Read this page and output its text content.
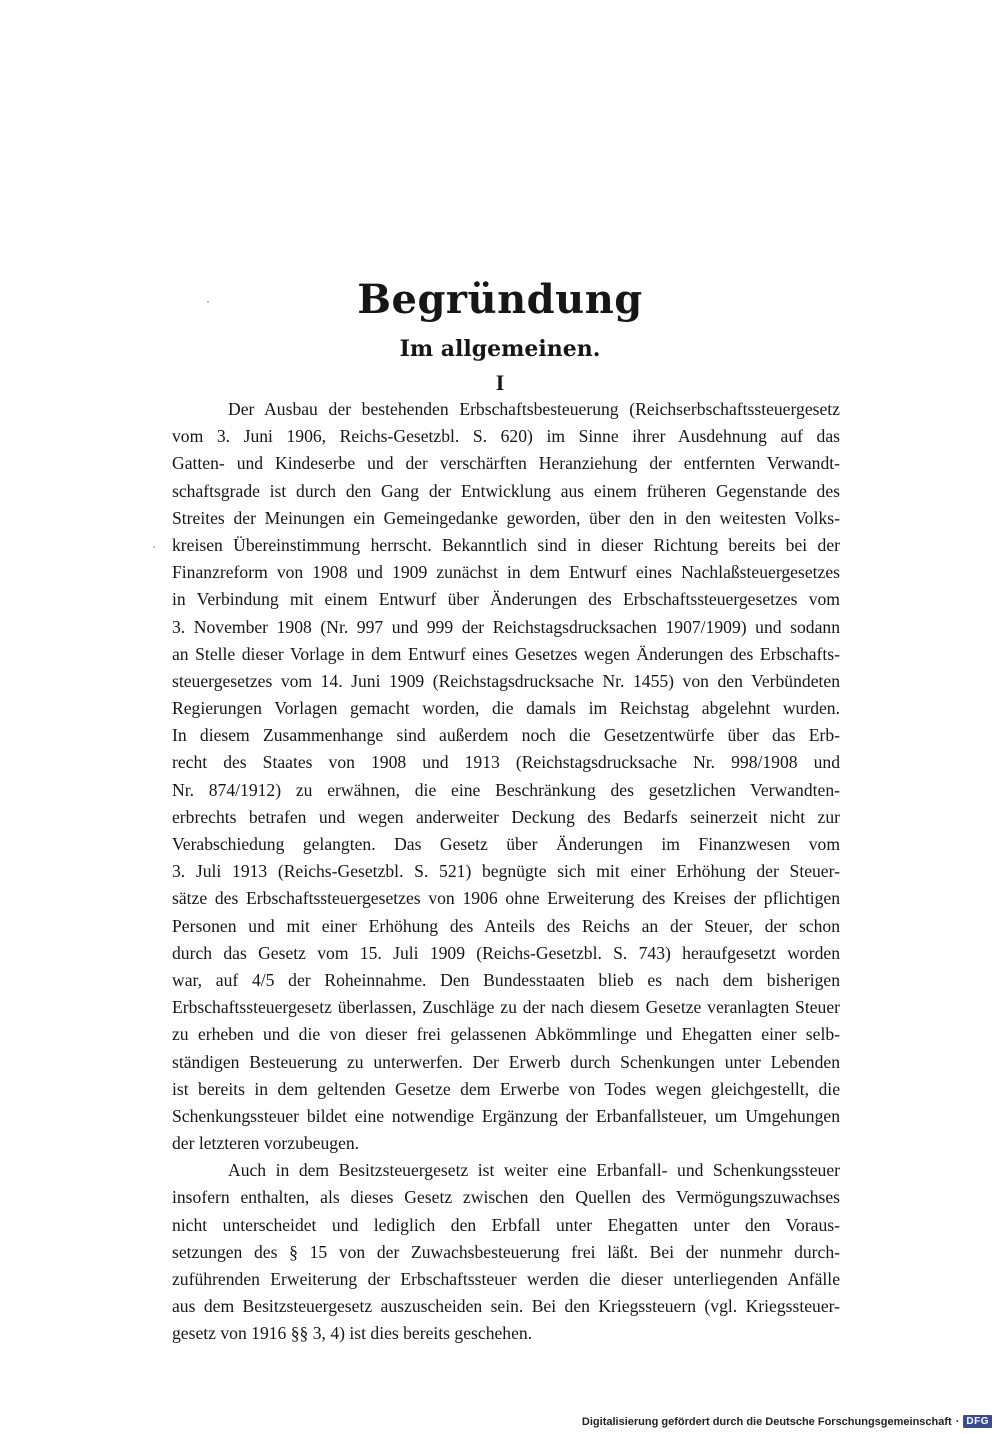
·
ˈ
Begründung
Im allgemeinen.
I
Der Ausbau der bestehenden Erbschaftsbesteuerung (Reichserbschaftssteuergesetz
vom 3. Juni 1906, Reichs-Gesetzbl. S. 620) im Sinne ihrer Ausdehnung auf das
Gatten- und Kindeserbe und der verschärften Heranziehung der entfernten Verwandt-
schaftsgrade ist durch den Gang der Entwicklung aus einem früheren Gegenstande des
Streites der Meinungen ein Gemeingedanke geworden, über den in den weitesten Volks-
kreisen Übereinstimmung herrscht. Bekanntlich sind in dieser Richtung bereits bei der
Finanzreform von 1908 und 1909 zunächst in dem Entwurf eines Nachlaßsteuergesetzes
in Verbindung mit einem Entwurf über Änderungen des Erbschaftssteuergesetzes vom
3. November 1908 (Nr. 997 und 999 der Reichstagsdrucksachen 1907/1909) und sodann
an Stelle dieser Vorlage in dem Entwurf eines Gesetzes wegen Änderungen des Erbschafts-
steuergesetzes vom 14. Juni 1909 (Reichstagsdrucksache Nr. 1455) von den Verbündeten
Regierungen Vorlagen gemacht worden, die damals im Reichstag abgelehnt wurden.
In diesem Zusammenhange sind außerdem noch die Gesetzentwürfe über das Erb-
recht des Staates von 1908 und 1913 (Reichstagsdrucksache Nr. 998/1908 und
Nr. 874/1912) zu erwähnen, die eine Beschränkung des gesetzlichen Verwandten-
erbrechts betrafen und wegen anderweiter Deckung des Bedarfs seinerzeit nicht zur
Verabschiedung gelangten. Das Gesetz über Änderungen im Finanzwesen vom
3. Juli 1913 (Reichs-Gesetzbl. S. 521) begnügte sich mit einer Erhöhung der Steuer-
sätze des Erbschaftssteuergesetzes von 1906 ohne Erweiterung des Kreises der pflichtigen
Personen und mit einer Erhöhung des Anteils des Reichs an der Steuer, der schon
durch das Gesetz vom 15. Juli 1909 (Reichs-Gesetzbl. S. 743) heraufgesetzt worden
war, auf 4/5 der Roheinnahme. Den Bundesstaaten blieb es nach dem bisherigen
Erbschaftssteuergesetz überlassen, Zuschläge zu der nach diesem Gesetze veranlagten Steuer
zu erheben und die von dieser frei gelassenen Abkömmlinge und Ehegatten einer selb-
ständigen Besteuerung zu unterwerfen. Der Erwerb durch Schenkungen unter Lebenden
ist bereits in dem geltenden Gesetze dem Erwerbe von Todes wegen gleichgestellt, die
Schenkungssteuer bildet eine notwendige Ergänzung der Erbanfallsteuer, um Umgehungen
der letzteren vorzubeugen.
Auch in dem Besitzsteuergesetz ist weiter eine Erbanfall- und Schenkungssteuer
insofern enthalten, als dieses Gesetz zwischen den Quellen des Vermögungszuwachses
nicht unterscheidet und lediglich den Erbfall unter Ehegatten unter den Voraus-
setzungen des § 15 von der Zuwachsbesteuerung frei läßt. Bei der nunmehr durch-
zuführenden Erweiterung der Erbschaftssteuer werden die dieser unterliegenden Anfälle
aus dem Besitzsteuergesetz auszuscheiden sein. Bei den Kriegssteuern (vgl. Kriegssteuer-
gesetz von 1916 §§ 3, 4) ist dies bereits geschehen.
Digitalisierung gefördert durch die Deutsche Forschungsgemeinschaft · DFG
